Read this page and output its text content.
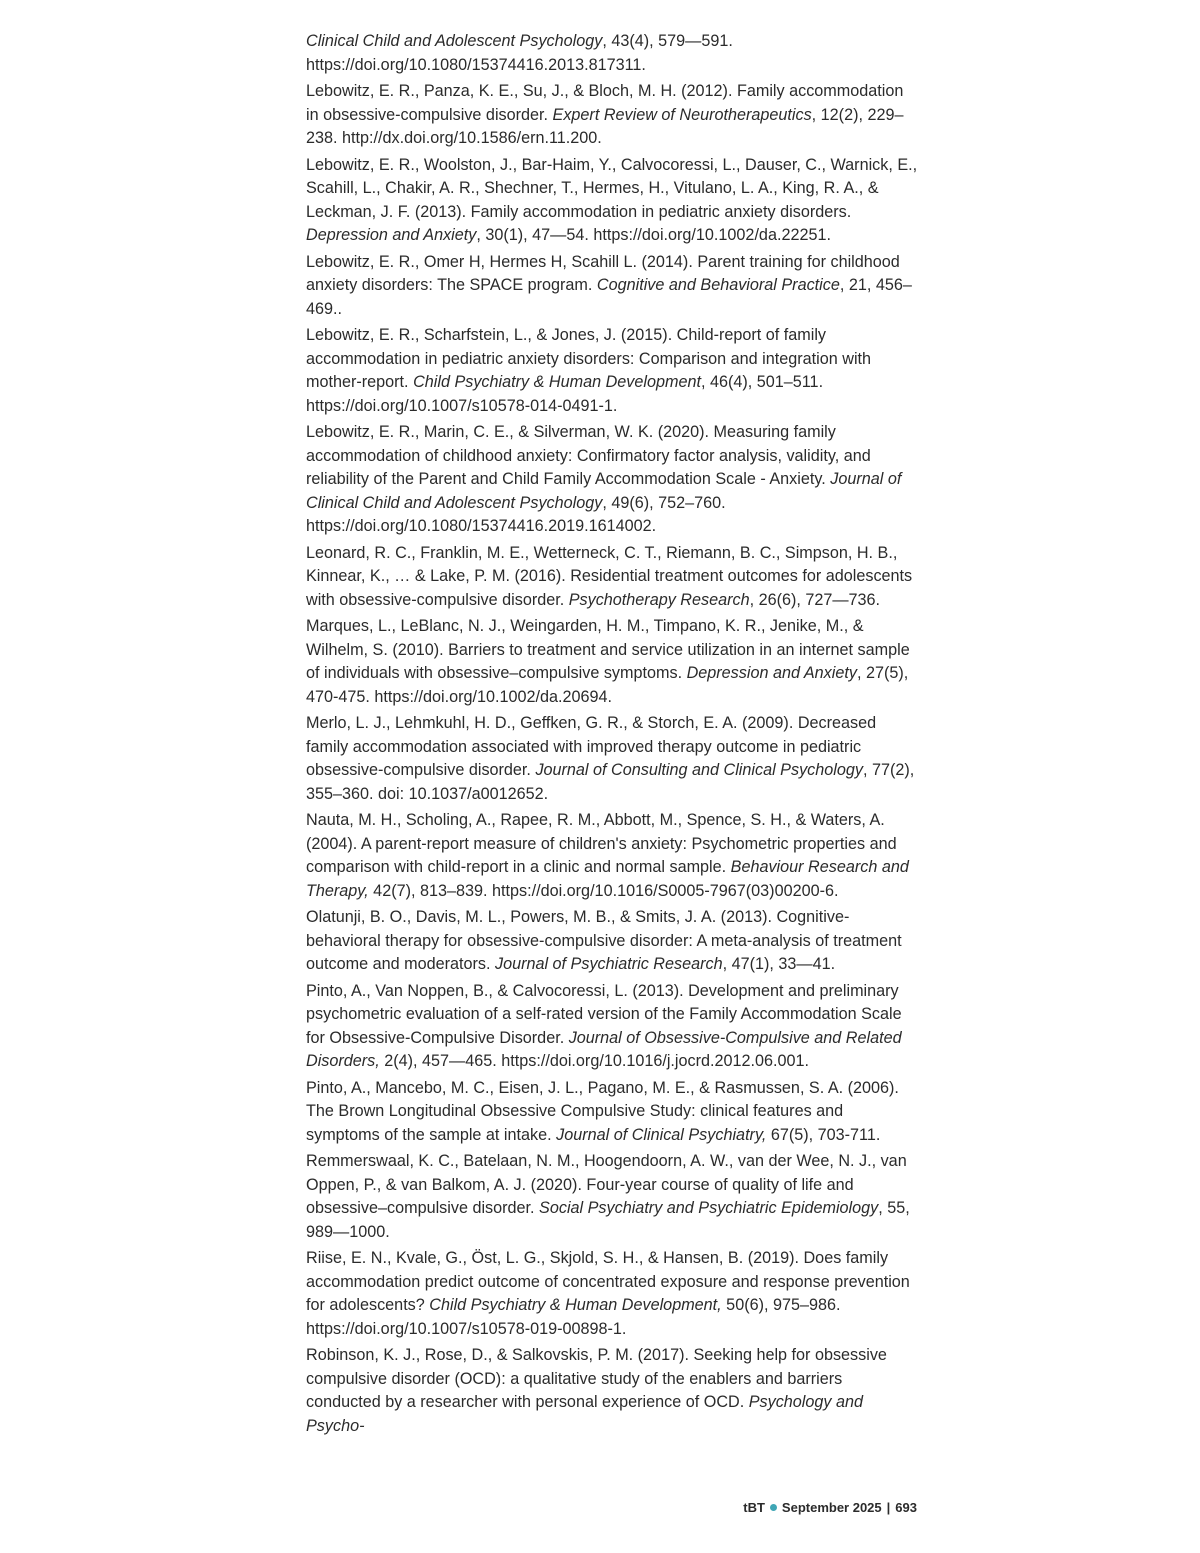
Clinical Child and Adolescent Psychology, 43(4), 579—591. https://doi.org/10.1080/15374416.2013.817311.

Lebowitz, E. R., Panza, K. E., Su, J., & Bloch, M. H. (2012). Family accommodation in obsessive-compulsive disorder. Expert Review of Neurotherapeutics, 12(2), 229–238. http://dx.doi.org/10.1586/ern.11.200.

Lebowitz, E. R., Woolston, J., Bar-Haim, Y., Calvocoressi, L., Dauser, C., Warnick, E., Scahill, L., Chakir, A. R., Shechner, T., Hermes, H., Vitulano, L. A., King, R. A., & Leckman, J. F. (2013). Family accommodation in pediatric anxiety disorders. Depression and Anxiety, 30(1), 47—54. https://doi.org/10.1002/da.22251.

Lebowitz, E. R., Omer H, Hermes H, Scahill L. (2014). Parent training for childhood anxiety disorders: The SPACE program. Cognitive and Behavioral Practice, 21, 456–469..

Lebowitz, E. R., Scharfstein, L., & Jones, J. (2015). Child-report of family accommodation in pediatric anxiety disorders: Comparison and integration with mother-report. Child Psychiatry & Human Development, 46(4), 501–511. https://doi.org/10.1007/s10578-014-0491-1.

Lebowitz, E. R., Marin, C. E., & Silverman, W. K. (2020). Measuring family accommodation of childhood anxiety: Confirmatory factor analysis, validity, and reliability of the Parent and Child Family Accommodation Scale - Anxiety. Journal of Clinical Child and Adolescent Psychology, 49(6), 752–760. https://doi.org/10.1080/15374416.2019.1614002.

Leonard, R. C., Franklin, M. E., Wetterneck, C. T., Riemann, B. C., Simpson, H. B., Kinnear, K., … & Lake, P. M. (2016). Residential treatment outcomes for adolescents with obsessive-compulsive disorder. Psychotherapy Research, 26(6), 727—736.

Marques, L., LeBlanc, N. J., Weingarden, H. M., Timpano, K. R., Jenike, M., & Wilhelm, S. (2010). Barriers to treatment and service utilization in an internet sample of individuals with obsessive–compulsive symptoms. Depression and Anxiety, 27(5), 470-475. https://doi.org/10.1002/da.20694.

Merlo, L. J., Lehmkuhl, H. D., Geffken, G. R., & Storch, E. A. (2009). Decreased family accommodation associated with improved therapy outcome in pediatric obsessive-compulsive disorder. Journal of Consulting and Clinical Psychology, 77(2), 355–360. doi: 10.1037/a0012652.

Nauta, M. H., Scholing, A., Rapee, R. M., Abbott, M., Spence, S. H., & Waters, A. (2004). A parent-report measure of children's anxiety: Psychometric properties and comparison with child-report in a clinic and normal sample. Behaviour Research and Therapy, 42(7), 813–839. https://doi.org/10.1016/S0005-7967(03)00200-6.

Olatunji, B. O., Davis, M. L., Powers, M. B., & Smits, J. A. (2013). Cognitive-behavioral therapy for obsessive-compulsive disorder: A meta-analysis of treatment outcome and moderators. Journal of Psychiatric Research, 47(1), 33—41.

Pinto, A., Van Noppen, B., & Calvocoressi, L. (2013). Development and preliminary psychometric evaluation of a self-rated version of the Family Accommodation Scale for Obsessive-Compulsive Disorder. Journal of Obsessive-Compulsive and Related Disorders, 2(4), 457—465. https://doi.org/10.1016/j.jocrd.2012.06.001.

Pinto, A., Mancebo, M. C., Eisen, J. L., Pagano, M. E., & Rasmussen, S. A. (2006). The Brown Longitudinal Obsessive Compulsive Study: clinical features and symptoms of the sample at intake. Journal of Clinical Psychiatry, 67(5), 703-711.

Remmerswaal, K. C., Batelaan, N. M., Hoogendoorn, A. W., van der Wee, N. J., van Oppen, P., & van Balkom, A. J. (2020). Four-year course of quality of life and obsessive–compulsive disorder. Social Psychiatry and Psychiatric Epidemiology, 55, 989—1000.

Riise, E. N., Kvale, G., Öst, L. G., Skjold, S. H., & Hansen, B. (2019). Does family accommodation predict outcome of concentrated exposure and response prevention for adolescents? Child Psychiatry & Human Development, 50(6), 975–986. https://doi.org/10.1007/s10578-019-00898-1.

Robinson, K. J., Rose, D., & Salkovskis, P. M. (2017). Seeking help for obsessive compulsive disorder (OCD): a qualitative study of the enablers and barriers conducted by a researcher with personal experience of OCD. Psychology and Psycho-

tBT September 2025 | 693
